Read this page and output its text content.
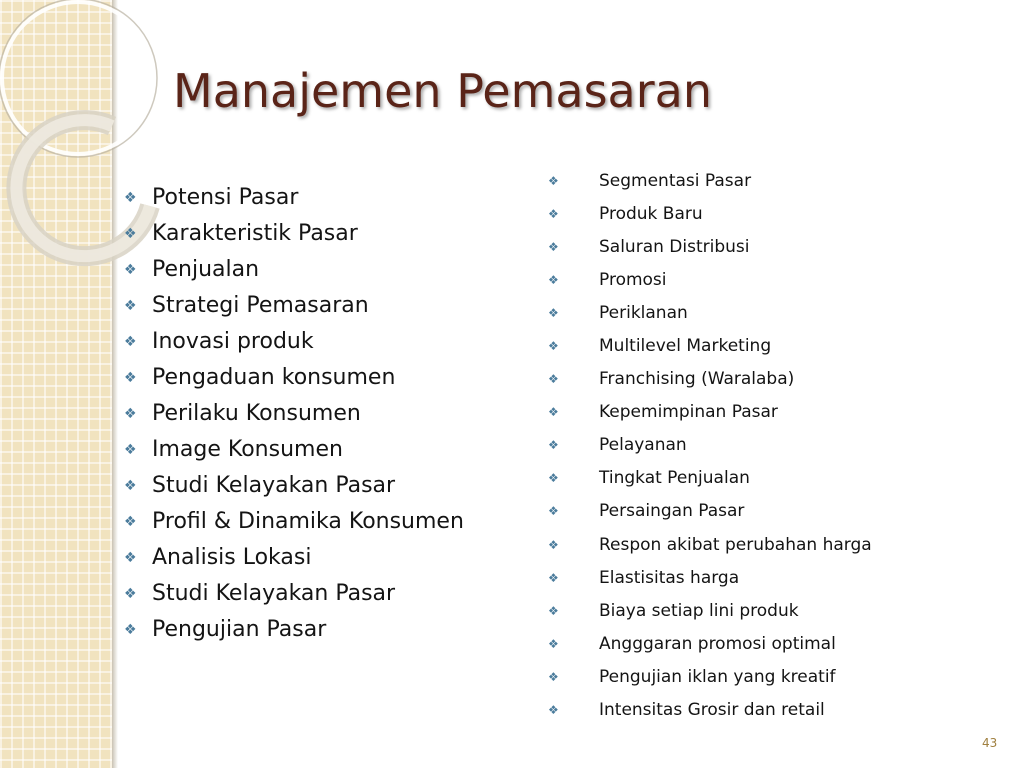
Manajemen Pemasaran
❖ Potensi Pasar
❖ Karakteristik Pasar
❖ Penjualan
❖ Strategi Pemasaran
❖ Inovasi produk
❖ Pengaduan konsumen
❖ Perilaku Konsumen
❖ Image Konsumen
❖ Studi Kelayakan Pasar
❖ Profil & Dinamika Konsumen
❖ Analisis Lokasi
❖ Studi Kelayakan Pasar
❖ Pengujian Pasar
❖	Segmentasi Pasar
❖	Produk Baru
❖	Saluran Distribusi
❖	Promosi
❖	Periklanan
❖	Multilevel Marketing
❖	Franchising (Waralaba)
❖	Kepemimpinan Pasar
❖	Pelayanan
❖	Tingkat Penjualan
❖	Persaingan Pasar
❖	Respon akibat perubahan harga
❖	Elastisitas harga
❖	Biaya setiap lini produk
❖	Angggaran promosi optimal
❖	Pengujian iklan yang kreatif
❖	Intensitas Grosir dan retail
43
